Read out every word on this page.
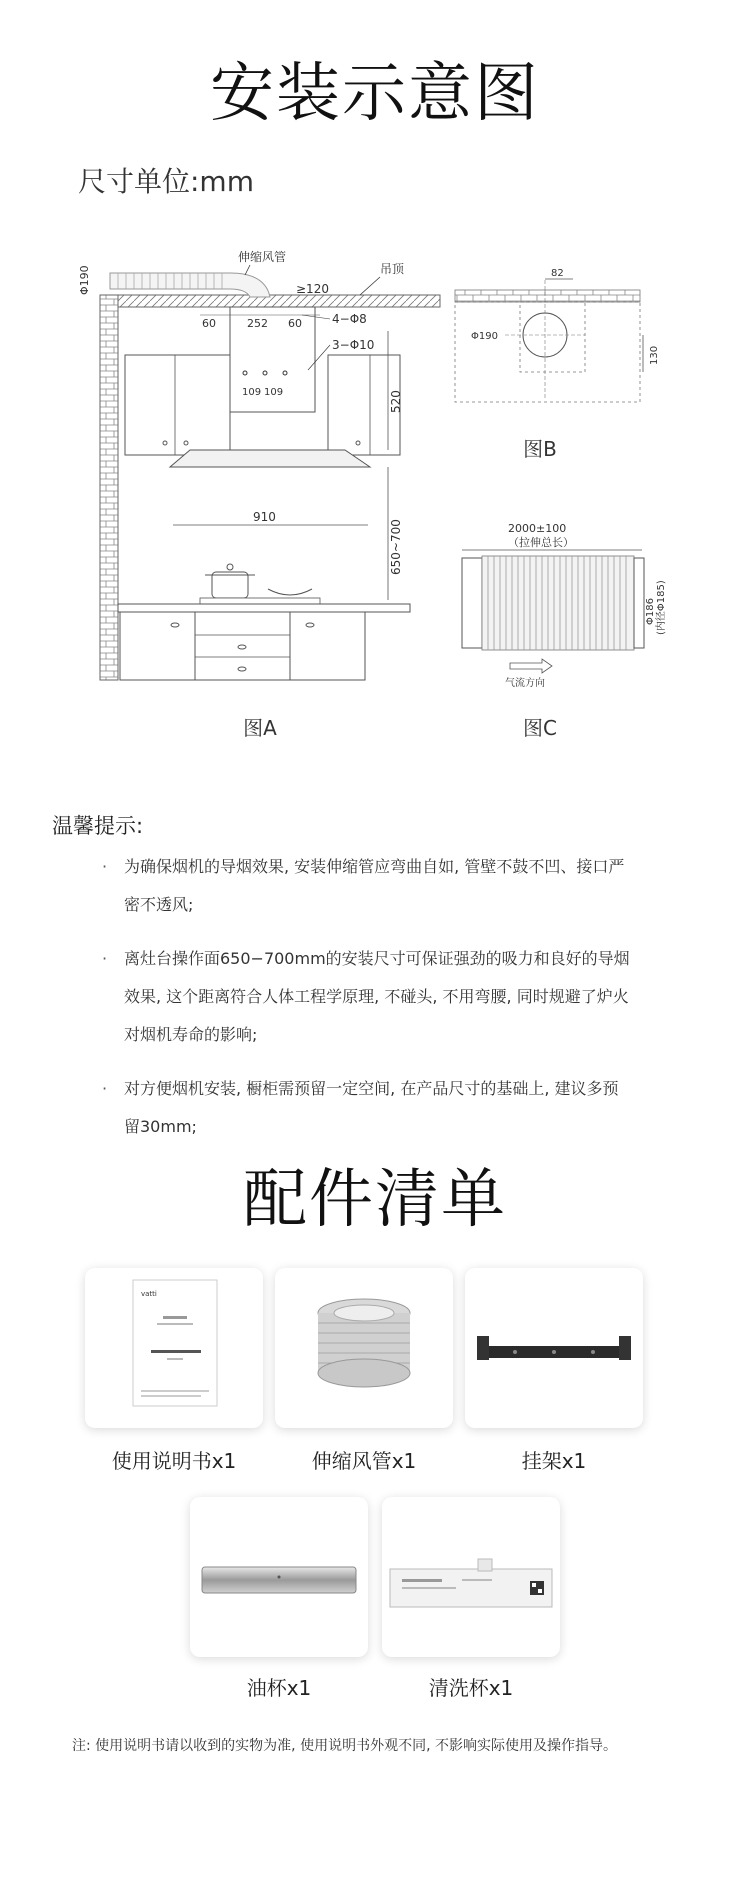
安装示意图
尺寸单位:mm
伸缩风管
吊顶
Φ190	≥120
60	252 60	4−Φ8
3−Φ10
109 109	520
910
650~700
图A
82
Φ190
130
图B
2000±100
（拉伸总长）
Φ186 (内径Φ185)
气流方向
图C
温馨提示:
· 为确保烟机的导烟效果, 安装伸缩管应弯曲自如, 管壁不鼓不凹、接口严密不透风;
· 离灶台操作面650−700mm的安装尺寸可保证强劲的吸力和良好的导烟效果, 这个距离符合人体工程学原理, 不碰头, 不用弯腰, 同时规避了炉火对烟机寿命的影响;
· 对方便烟机安装, 橱柜需预留一定空间, 在产品尺寸的基础上, 建议多预留30mm;
配件清单
vatti
使用说明书x1	伸缩风管x1	挂架x1
油杯x1	清洗杯x1
注: 使用说明书请以收到的实物为准, 使用说明书外观不同, 不影响实际使用及操作指导。
